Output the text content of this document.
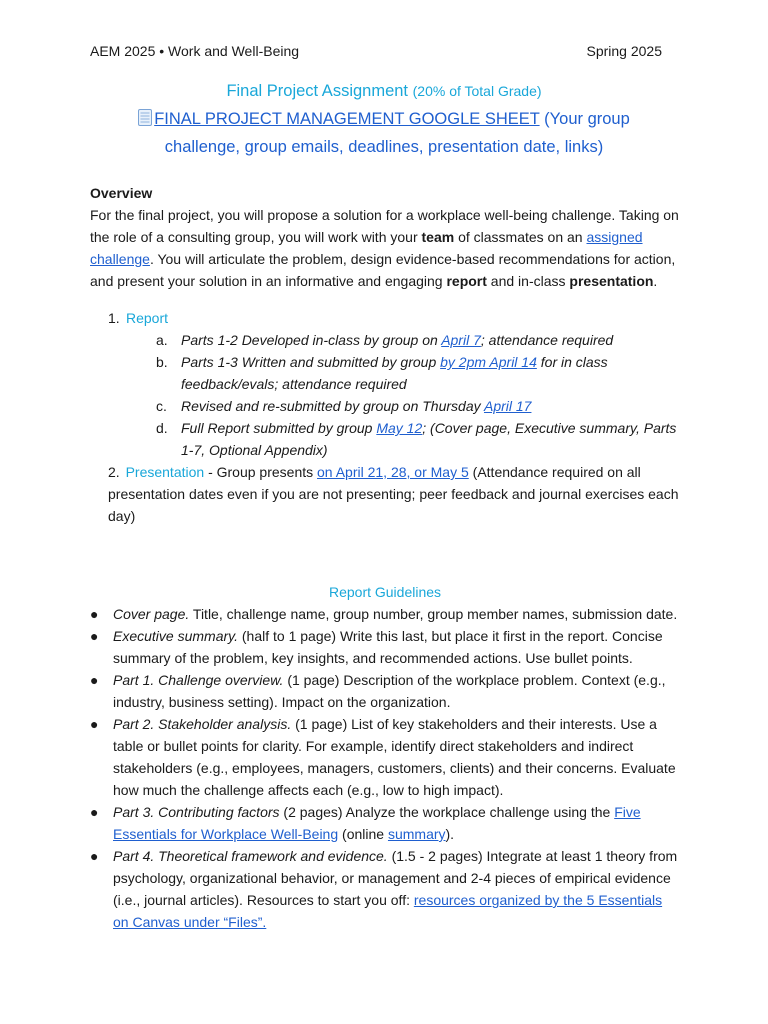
AEM 2025 • Work and Well-Being	Spring 2025
Final Project Assignment (20% of Total Grade)
FINAL PROJECT MANAGEMENT GOOGLE SHEET (Your group
challenge, group emails, deadlines, presentation date, links)
Overview

For the final project, you will propose a solution for a workplace well-being challenge. Taking on the role of a consulting group, you will work with your team of classmates on an assigned challenge. You will articulate the problem, design evidence-based recommendations for action, and present your solution in an informative and engaging report and in-class presentation.

1. Report
a. Parts 1-2 Developed in-class by group on April 7; attendance required
b. Parts 1-3 Written and submitted by group by 2pm April 14 for in class feedback/evals; attendance required
c. Revised and re-submitted by group on Thursday April 17
d. Full Report submitted by group May 12; (Cover page, Executive summary, Parts 1-7, Optional Appendix)
2. Presentation - Group presents on April 21, 28, or May 5 (Attendance required on all presentation dates even if you are not presenting; peer feedback and journal exercises each day)
Report Guidelines
● Cover page. Title, challenge name, group number, group member names, submission date.
● Executive summary. (half to 1 page) Write this last, but place it first in the report. Concise summary of the problem, key insights, and recommended actions. Use bullet points.
● Part 1. Challenge overview. (1 page) Description of the workplace problem. Context (e.g., industry, business setting). Impact on the organization.
● Part 2. Stakeholder analysis. (1 page) List of key stakeholders and their interests. Use a table or bullet points for clarity. For example, identify direct stakeholders and indirect stakeholders (e.g., employees, managers, customers, clients) and their concerns. Evaluate how much the challenge affects each (e.g., low to high impact).
● Part 3. Contributing factors (2 pages) Analyze the workplace challenge using the Five Essentials for Workplace Well-Being (online summary).
● Part 4. Theoretical framework and evidence. (1.5 - 2 pages) Integrate at least 1 theory from psychology, organizational behavior, or management and 2-4 pieces of empirical evidence (i.e., journal articles). Resources to start you off: resources organized by the 5 Essentials on Canvas under “Files”.
